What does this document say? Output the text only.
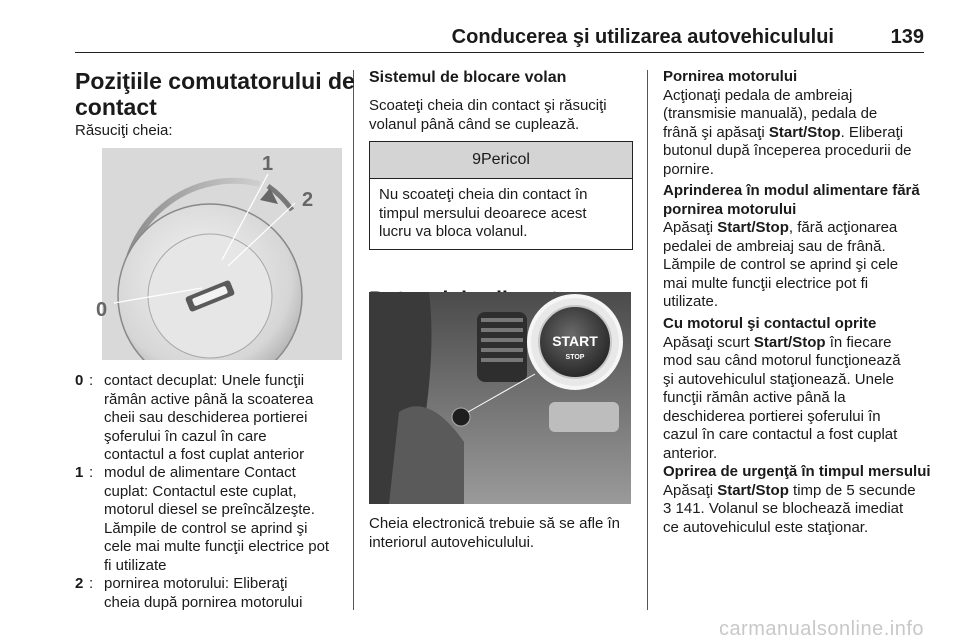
Conducerea şi utilizarea autovehiculului	139
Poziţiile comutatorului de
contact
Răsuciţi cheia:
1
2
0
0 : contact decuplat: Unele funcţii
rămân active până la scoaterea
cheii sau deschiderea portierei
şoferului în cazul în care
contactul a fost cuplat anterior
1 : modul de alimentare Contact
cuplat: Contactul este cuplat,
motorul diesel se preîncălzeşte.
Lămpile de control se aprind şi
cele mai multe funcţii electrice pot
fi utilizate
2 : pornirea motorului: Eliberaţi
cheia după pornirea motorului
Sistemul de blocare volan
Scoateţi cheia din contact şi răsuciţi
volanul până când se cuplează.
9Pericol
Nu scoateţi cheia din contact în
timpul mersului deoarece acest
lucru va bloca volanul.
START
STOP
Cheia electronică trebuie să se afle în
interiorul autovehiculului.
Pornirea motorului
Acţionaţi pedala de ambreiaj
(transmisie manuală), pedala de
frână şi apăsaţi Start/Stop. Eliberaţi
butonul după începerea procedurii de
pornire.
Aprinderea în modul alimentare fără
pornirea motorului
Apăsaţi Start/Stop, fără acţionarea
pedalei de ambreiaj sau de frână.
Lămpile de control se aprind şi cele
mai multe funcţii electrice pot fi
utilizate.
Cu motorul şi contactul oprite
Apăsaţi scurt Start/Stop în fiecare
mod sau când motorul funcţionează
şi autovehiculul staţionează. Unele
funcţii rămân active până la
deschiderea portierei şoferului în
cazul în care contactul a fost cuplat
anterior.
Oprirea de urgenţă în timpul mersului
Apăsaţi Start/Stop timp de 5 secunde
3 141. Volanul se blochează imediat
ce autovehiculul este staţionar.
carmanualsonline.info
